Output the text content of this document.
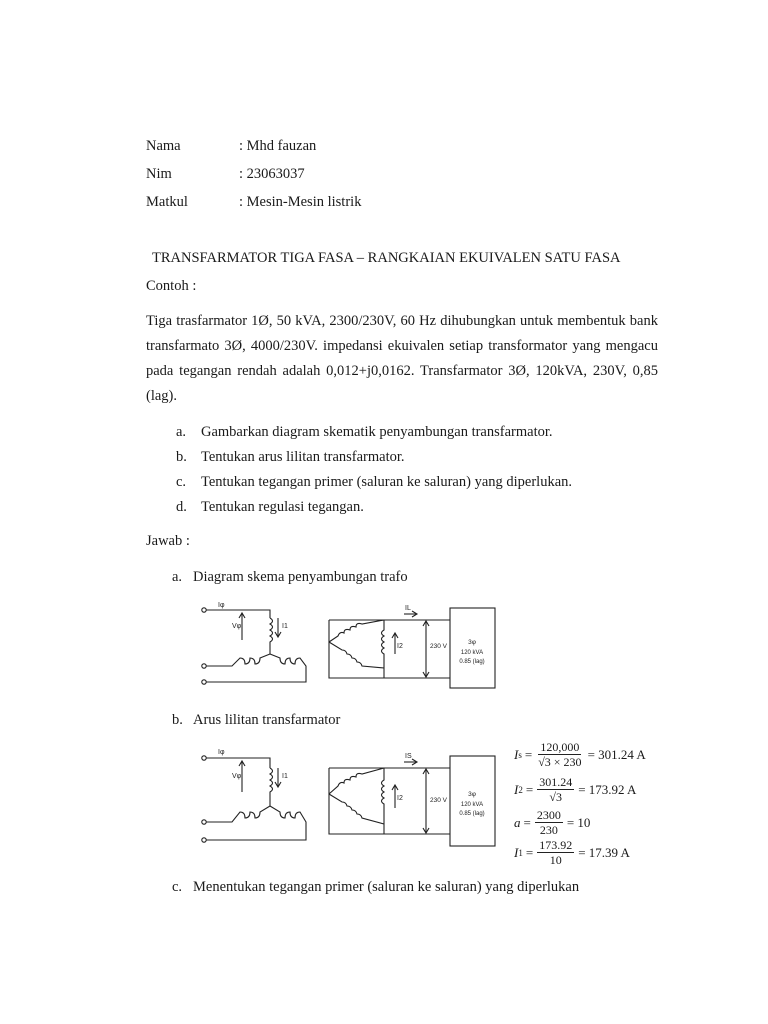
Nama	: Mhd fauzan
Nim	: 23063037
Matkul	: Mesin-Mesin listrik
TRANSFARMATOR TIGA FASA – RANGKAIAN EKUIVALEN SATU FASA
Contoh :
Tiga trasfarmator 1Ø, 50 kVA, 2300/230V, 60 Hz dihubungkan untuk membentuk bank transfarmato 3Ø, 4000/230V. impedansi ekuivalen setiap transformator yang mengacu pada tegangan rendah adalah 0,012+j0,0162. Transfarmator 3Ø, 120kVA, 230V, 0,85 (lag).
a. Gambarkan diagram skematik penyambungan transfarmator.
b. Tentukan arus lilitan transfarmator.
c. Tentukan tegangan primer (saluran ke saluran) yang diperlukan.
d. Tentukan regulasi tegangan.
Jawab :
a. Diagram skema penyambungan trafo
Iφ
Vφ	I1
IL
I2	230 V
3φ
120 kVA
0.85 (lag)
b. Arus lilitan transfarmator
Iφ
Vφ	I1
IS
I2	230 V
3φ
120 kVA
0.85 (lag)
I $s = \frac{120,000}{√3 \times 230} = 301.24$ A
I $2 = \frac{301.24}{√3} = 173.92$ A
$a = \frac{2300}{230} = 10$
I $1 = \frac{173.92}{10} = 17.39$ A
c. Menentukan tegangan primer (saluran ke saluran) yang diperlukan
